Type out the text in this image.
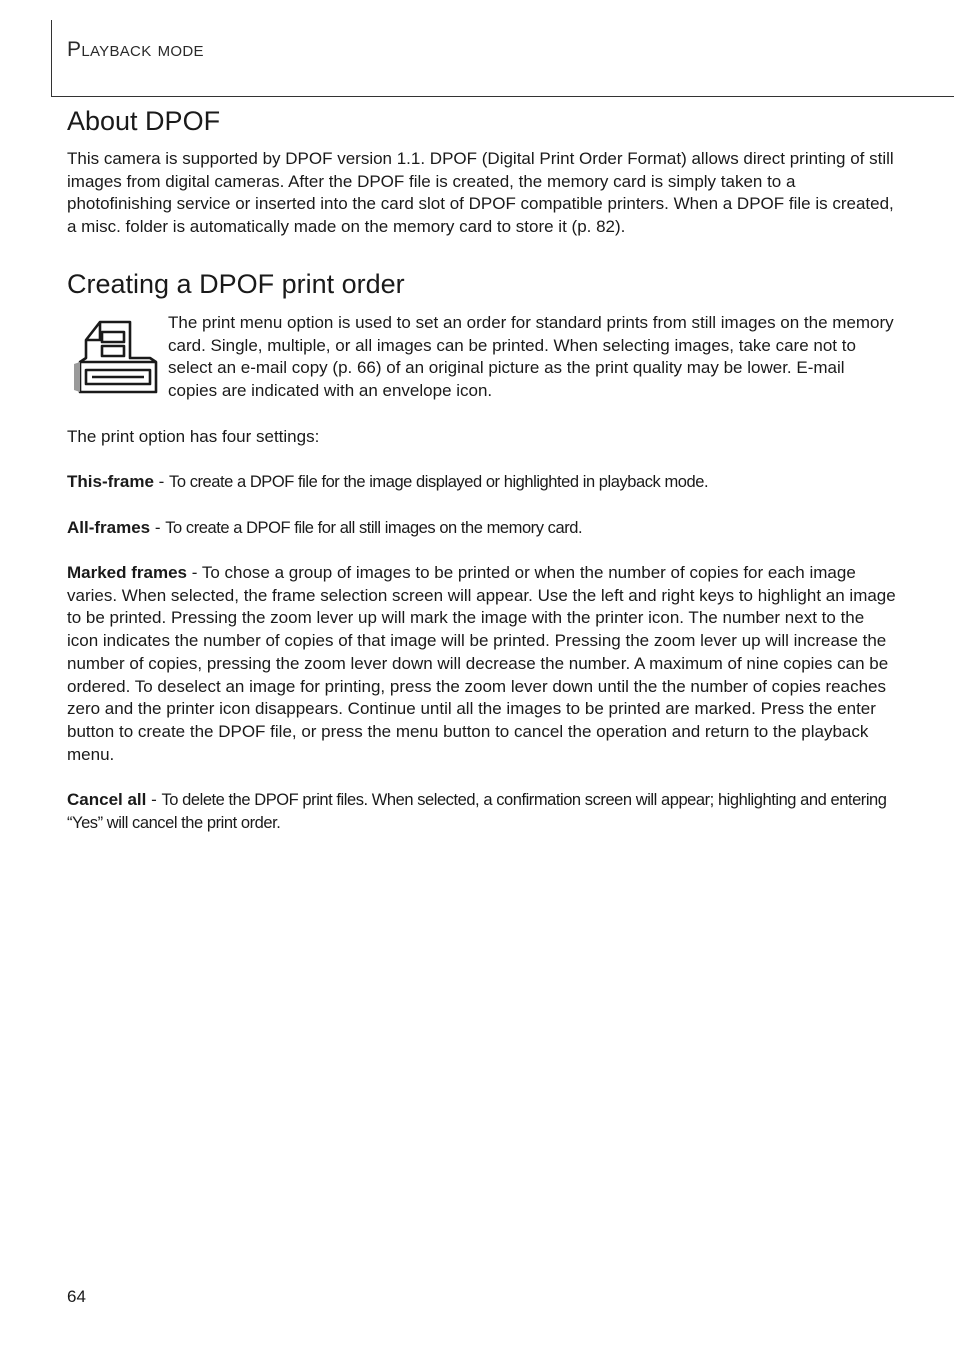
Playback mode
About DPOF

This camera is supported by DPOF version 1.1. DPOF (Digital Print Order Format) allows direct printing of still images from digital cameras. After the DPOF file is created, the memory card is simply taken to a photofinishing service or inserted into the card slot of DPOF compatible printers. When a DPOF file is created, a misc. folder is automatically made on the memory card to store it (p. 82).

Creating a DPOF print order

The print menu option is used to set an order for standard prints from still images on the memory card. Single, multiple, or all images can be printed. When selecting images, take care not to select an e-mail copy (p. 66) of an original picture as the print quality may be lower. E-mail copies are indicated with an envelope icon.

The print option has four settings:

This-frame - To create a DPOF file for the image displayed or highlighted in playback mode.

All-frames - To create a DPOF file for all still images on the memory card.

Marked frames - To chose a group of images to be printed or when the number of copies for each image varies. When selected, the frame selection screen will appear. Use the left and right keys to highlight an image to be printed. Pressing the zoom lever up will mark the image with the printer icon. The number next to the icon indicates the number of copies of that image will be printed. Pressing the zoom lever up will increase the number of copies, pressing the zoom lever down will decrease the number. A maximum of nine copies can be ordered. To deselect an image for printing, press the zoom lever down until the the number of copies reaches zero and the printer icon disappears. Continue until all the images to be printed are marked. Press the enter button to create the DPOF file, or press the menu button to cancel the operation and return to the playback menu.

Cancel all - To delete the DPOF print files. When selected, a confirmation screen will appear; highlighting and entering “Yes” will cancel the print order.

64
